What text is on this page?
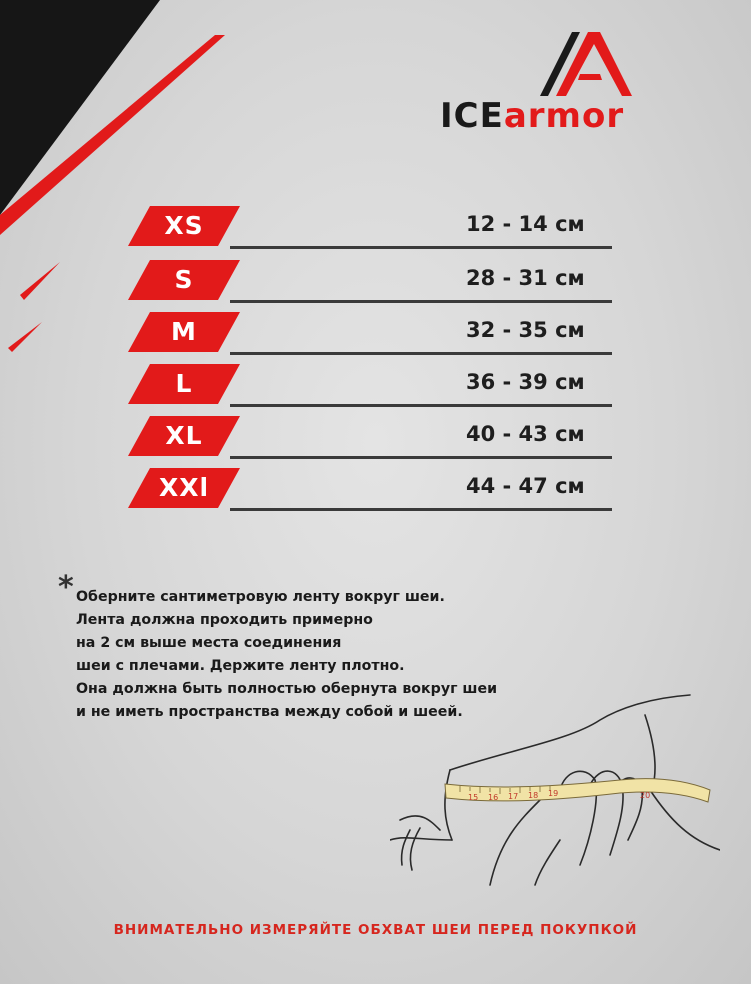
ICEarmor
XS	12 - 14 см
S	28 - 31 см
M	32 - 35 см
L	36 - 39 см
XL	40 - 43 см
XXl	44 - 47 см
* Оберните сантиметровую ленту вокруг шеи.
Лента должна проходить примерно
на 2 см выше места соединения
шеи с плечами. Держите ленту плотно.
Она должна быть полностью обернута вокруг шеи
и не иметь пространства между собой и шеей.
15 16 17 18 19	20
ВНИМАТЕЛЬНО ИЗМЕРЯЙТЕ ОБХВАТ ШЕИ ПЕРЕД ПОКУПКОЙ
